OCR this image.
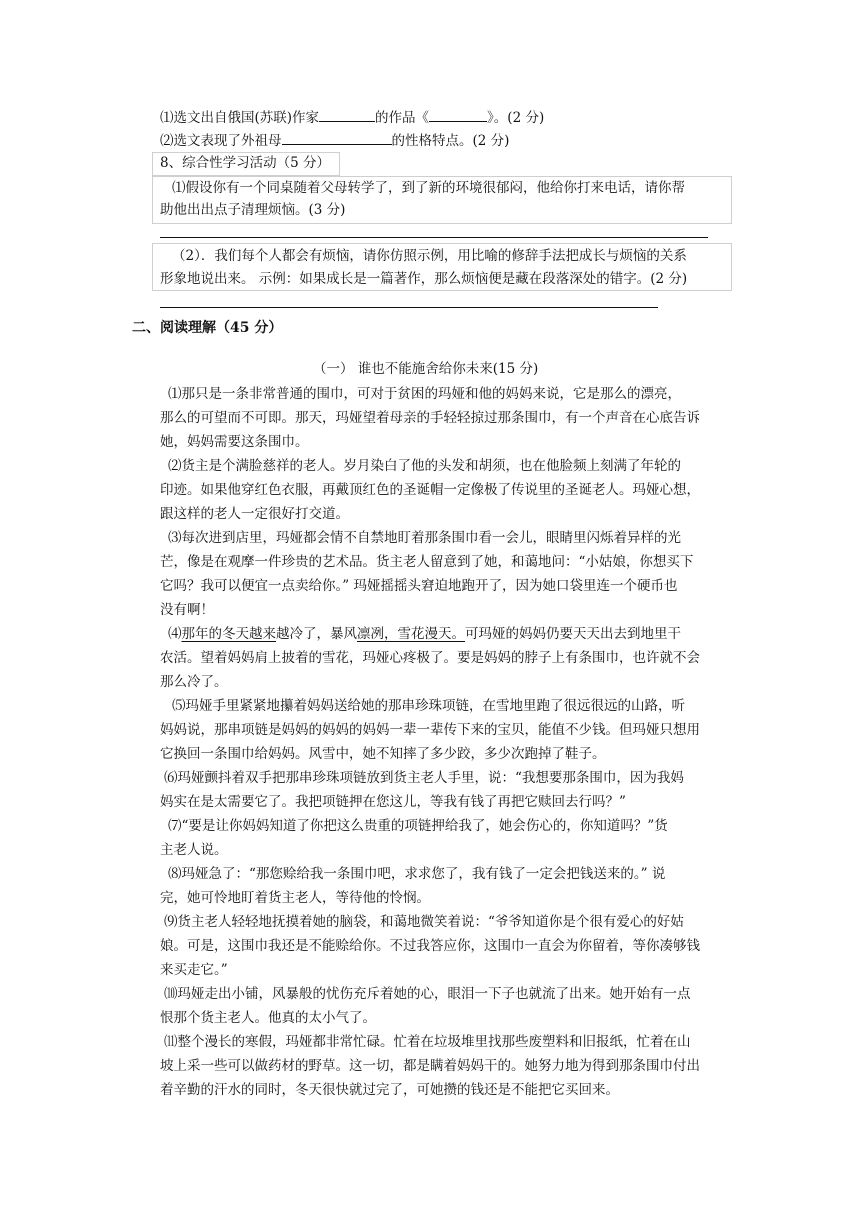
⑴选文出自俄国(苏联)作家	的作品《	》。(2 分)
⑵选文表现了外祖母	的性格特点。(2 分)
8、综合性学习活动（5 分）
⑴假设你有一个同桌随着父母转学了，到了新的环境很郁闷，他给你打来电话，请你帮
助他出出点子清理烦恼。(3 分)
（2）．我们每个人都会有烦恼，请你仿照示例，用比喻的修辞手法把成长与烦恼的关系
形象地说出来。 示例：如果成长是一篇著作，那么烦恼便是藏在段落深处的错字。(2 分)
二、阅读理解（45 分）
（一） 谁也不能施舍给你未来(15 分)
⑴那只是一条非常普通的围巾，可对于贫困的玛娅和他的妈妈来说，它是那么的漂亮，
那么的可望而不可即。那天，玛娅望着母亲的手轻轻掠过那条围巾，有一个声音在心底告诉
她，妈妈需要这条围巾。
⑵货主是个满脸慈祥的老人。岁月染白了他的头发和胡须，也在他脸频上刻满了年轮的
印迹。如果他穿红色衣服，再戴顶红色的圣诞帽一定像极了传说里的圣诞老人。玛娅心想，
跟这样的老人一定很好打交道。
⑶每次进到店里，玛娅都会情不自禁地盯着那条围巾看一会儿，眼睛里闪烁着异样的光
芒，像是在观摩一件珍贵的艺术品。货主老人留意到了她，和蔼地问：“小姑娘，你想买下
它吗？我可以便宜一点卖给你。” 玛娅摇摇头窘迫地跑开了，因为她口袋里连一个硬币也
没有啊！
⑷那年的冬天越来越冷了，暴风凛冽，雪花漫天。可玛娅的妈妈仍要天天出去到地里干
农活。望着妈妈肩上披着的雪花，玛娅心疼极了。要是妈妈的脖子上有条围巾，也许就不会
那么冷了。
⑸玛娅手里紧紧地攥着妈妈送给她的那串珍珠项链，在雪地里跑了很远很远的山路，听
妈妈说，那串项链是妈妈的妈妈的妈妈一辈一辈传下来的宝贝，能值不少钱。但玛娅只想用
它换回一条围巾给妈妈。风雪中，她不知摔了多少跤，多少次跑掉了鞋子。
⑹玛娅颤抖着双手把那串珍珠项链放到货主老人手里，说：“我想要那条围巾，因为我妈
妈实在是太需要它了。我把项链押在您这儿，等我有钱了再把它赎回去行吗？”
⑺“要是让你妈妈知道了你把这么贵重的项链押给我了，她会伤心的，你知道吗？”货
主老人说。
⑻玛娅急了：“那您赊给我一条围巾吧，求求您了，我有钱了一定会把钱送来的。” 说
完，她可怜地盯着货主老人，等待他的怜悯。
⑼货主老人轻轻地抚摸着她的脑袋，和蔼地微笑着说：“爷爷知道你是个很有爱心的好姑
娘。可是，这围巾我还是不能赊给你。不过我答应你，这围巾一直会为你留着，等你凑够钱
来买走它。”
⑽玛娅走出小铺，风暴般的忧伤充斥着她的心，眼泪一下子也就流了出来。她开始有一点
恨那个货主老人。他真的太小气了。
⑾整个漫长的寒假，玛娅都非常忙碌。忙着在垃圾堆里找那些废塑料和旧报纸，忙着在山
坡上采一些可以做药材的野草。这一切，都是瞒着妈妈干的。她努力地为得到那条围巾付出
着辛勤的汗水的同时，冬天很快就过完了，可她攒的钱还是不能把它买回来。
